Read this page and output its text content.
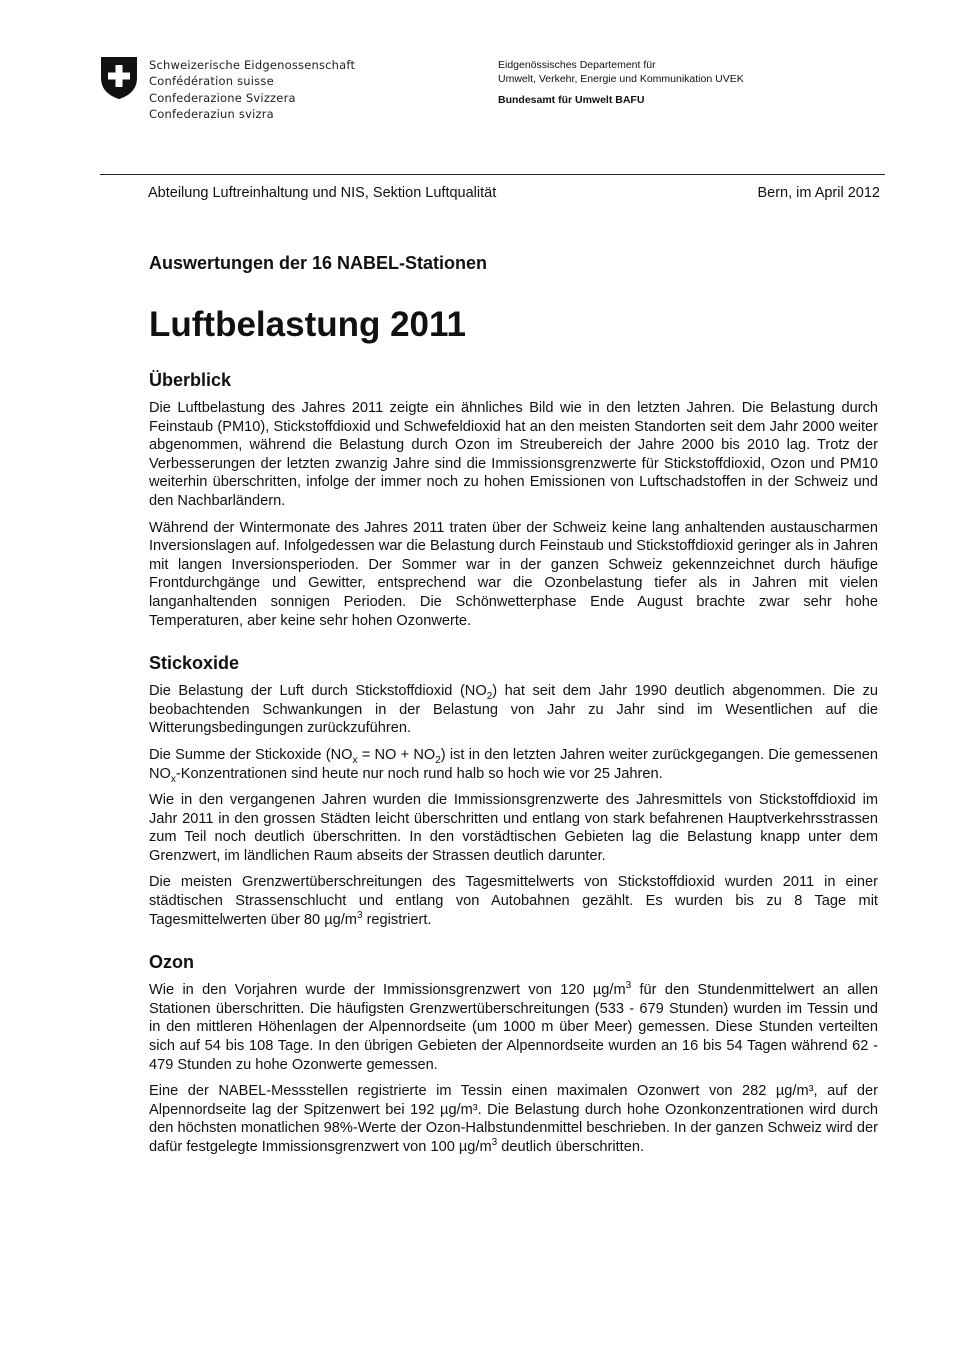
Schweizerische Eidgenossenschaft
Confédération suisse
Confederazione Svizzera
Confederaziun svizra
Eidgenössisches Departement für
Umwelt, Verkehr, Energie und Kommunikation UVEK
Bundesamt für Umwelt BAFU
Abteilung Luftreinhaltung und NIS, Sektion Luftqualität	Bern, im April 2012
Auswertungen der 16 NABEL-Stationen
Luftbelastung 2011
Überblick

Die Luftbelastung des Jahres 2011 zeigte ein ähnliches Bild wie in den letzten Jahren. Die Belastung durch Feinstaub (PM10), Stickstoffdioxid und Schwefeldioxid hat an den meisten Standorten seit dem Jahr 2000 weiter abgenommen, während die Belastung durch Ozon im Streubereich der Jahre 2000 bis 2010 lag. Trotz der Verbesserungen der letzten zwanzig Jahre sind die Immissionsgrenzwerte für Stickstoffdioxid, Ozon und PM10 weiterhin überschritten, infolge der immer noch zu hohen Emissionen von Luftschadstoffen in der Schweiz und den Nachbarländern.

Während der Wintermonate des Jahres 2011 traten über der Schweiz keine lang anhaltenden austauscharmen Inversionslagen auf. Infolgedessen war die Belastung durch Feinstaub und Stickstoffdioxid geringer als in Jahren mit langen Inversionsperioden. Der Sommer war in der ganzen Schweiz gekennzeichnet durch häufige Frontdurchgänge und Gewitter, entsprechend war die Ozonbelastung tiefer als in Jahren mit vielen langanhaltenden sonnigen Perioden. Die Schönwetterphase Ende August brachte zwar sehr hohe Temperaturen, aber keine sehr hohen Ozonwerte.

Stickoxide

Die Belastung der Luft durch Stickstoffdioxid $(NO_2)$ hat seit dem Jahr 1990 deutlich abgenommen. Die zu beobachtenden Schwankungen in der Belastung von Jahr zu Jahr sind im Wesentlichen auf die Witterungsbedingungen zurückzuführen.

Die Summe der Stickoxide ($NO_x$ = NO + $NO_2$) ist in den letzten Jahren weiter zurückgegangen. Die gemessenen $NO_x$-Konzentrationen sind heute nur noch rund halb so hoch wie vor 25 Jahren.

Wie in den vergangenen Jahren wurden die Immissionsgrenzwerte des Jahresmittels von Stickstoffdioxid im Jahr 2011 in den grossen Städten leicht überschritten und entlang von stark befahrenen Hauptverkehrsstrassen zum Teil noch deutlich überschritten. In den vorstädtischen Gebieten lag die Belastung knapp unter dem Grenzwert, im ländlichen Raum abseits der Strassen deutlich darunter.

Die meisten Grenzwertüberschreitungen des Tagesmittelwerts von Stickstoffdioxid wurden 2011 in einer städtischen Strassenschlucht und entlang von Autobahnen gezählt. Es wurden bis zu 8 Tage mit Tagesmittelwerten über 80 $\mu g/m^3$ registriert.

Ozon

Wie in den Vorjahren wurde der Immissionsgrenzwert von 120 $\mu g/m^3$ für den Stundenmittelwert an allen Stationen überschritten. Die häufigsten Grenzwertüberschreitungen (533 - 679 Stunden) wurden im Tessin und in den mittleren Höhenlagen der Alpennordseite (um 1000 m über Meer) gemessen. Diese Stunden verteilten sich auf 54 bis 108 Tage. In den übrigen Gebieten der Alpennordseite wurden an 16 bis 54 Tagen während 62 - 479 Stunden zu hohe Ozonwerte gemessen.

Eine der NABEL-Messstellen registrierte im Tessin einen maximalen Ozonwert von 282 µg/m³, auf der Alpennordseite lag der Spitzenwert bei 192 µg/m³. Die Belastung durch hohe Ozonkonzentrationen wird durch den höchsten monatlichen 98%-Werte der Ozon-Halbstundenmittel beschrieben. In der ganzen Schweiz wird der dafür festgelegte Immissionsgrenzwert von 100 $\mu g/m^3$ deutlich überschritten.
